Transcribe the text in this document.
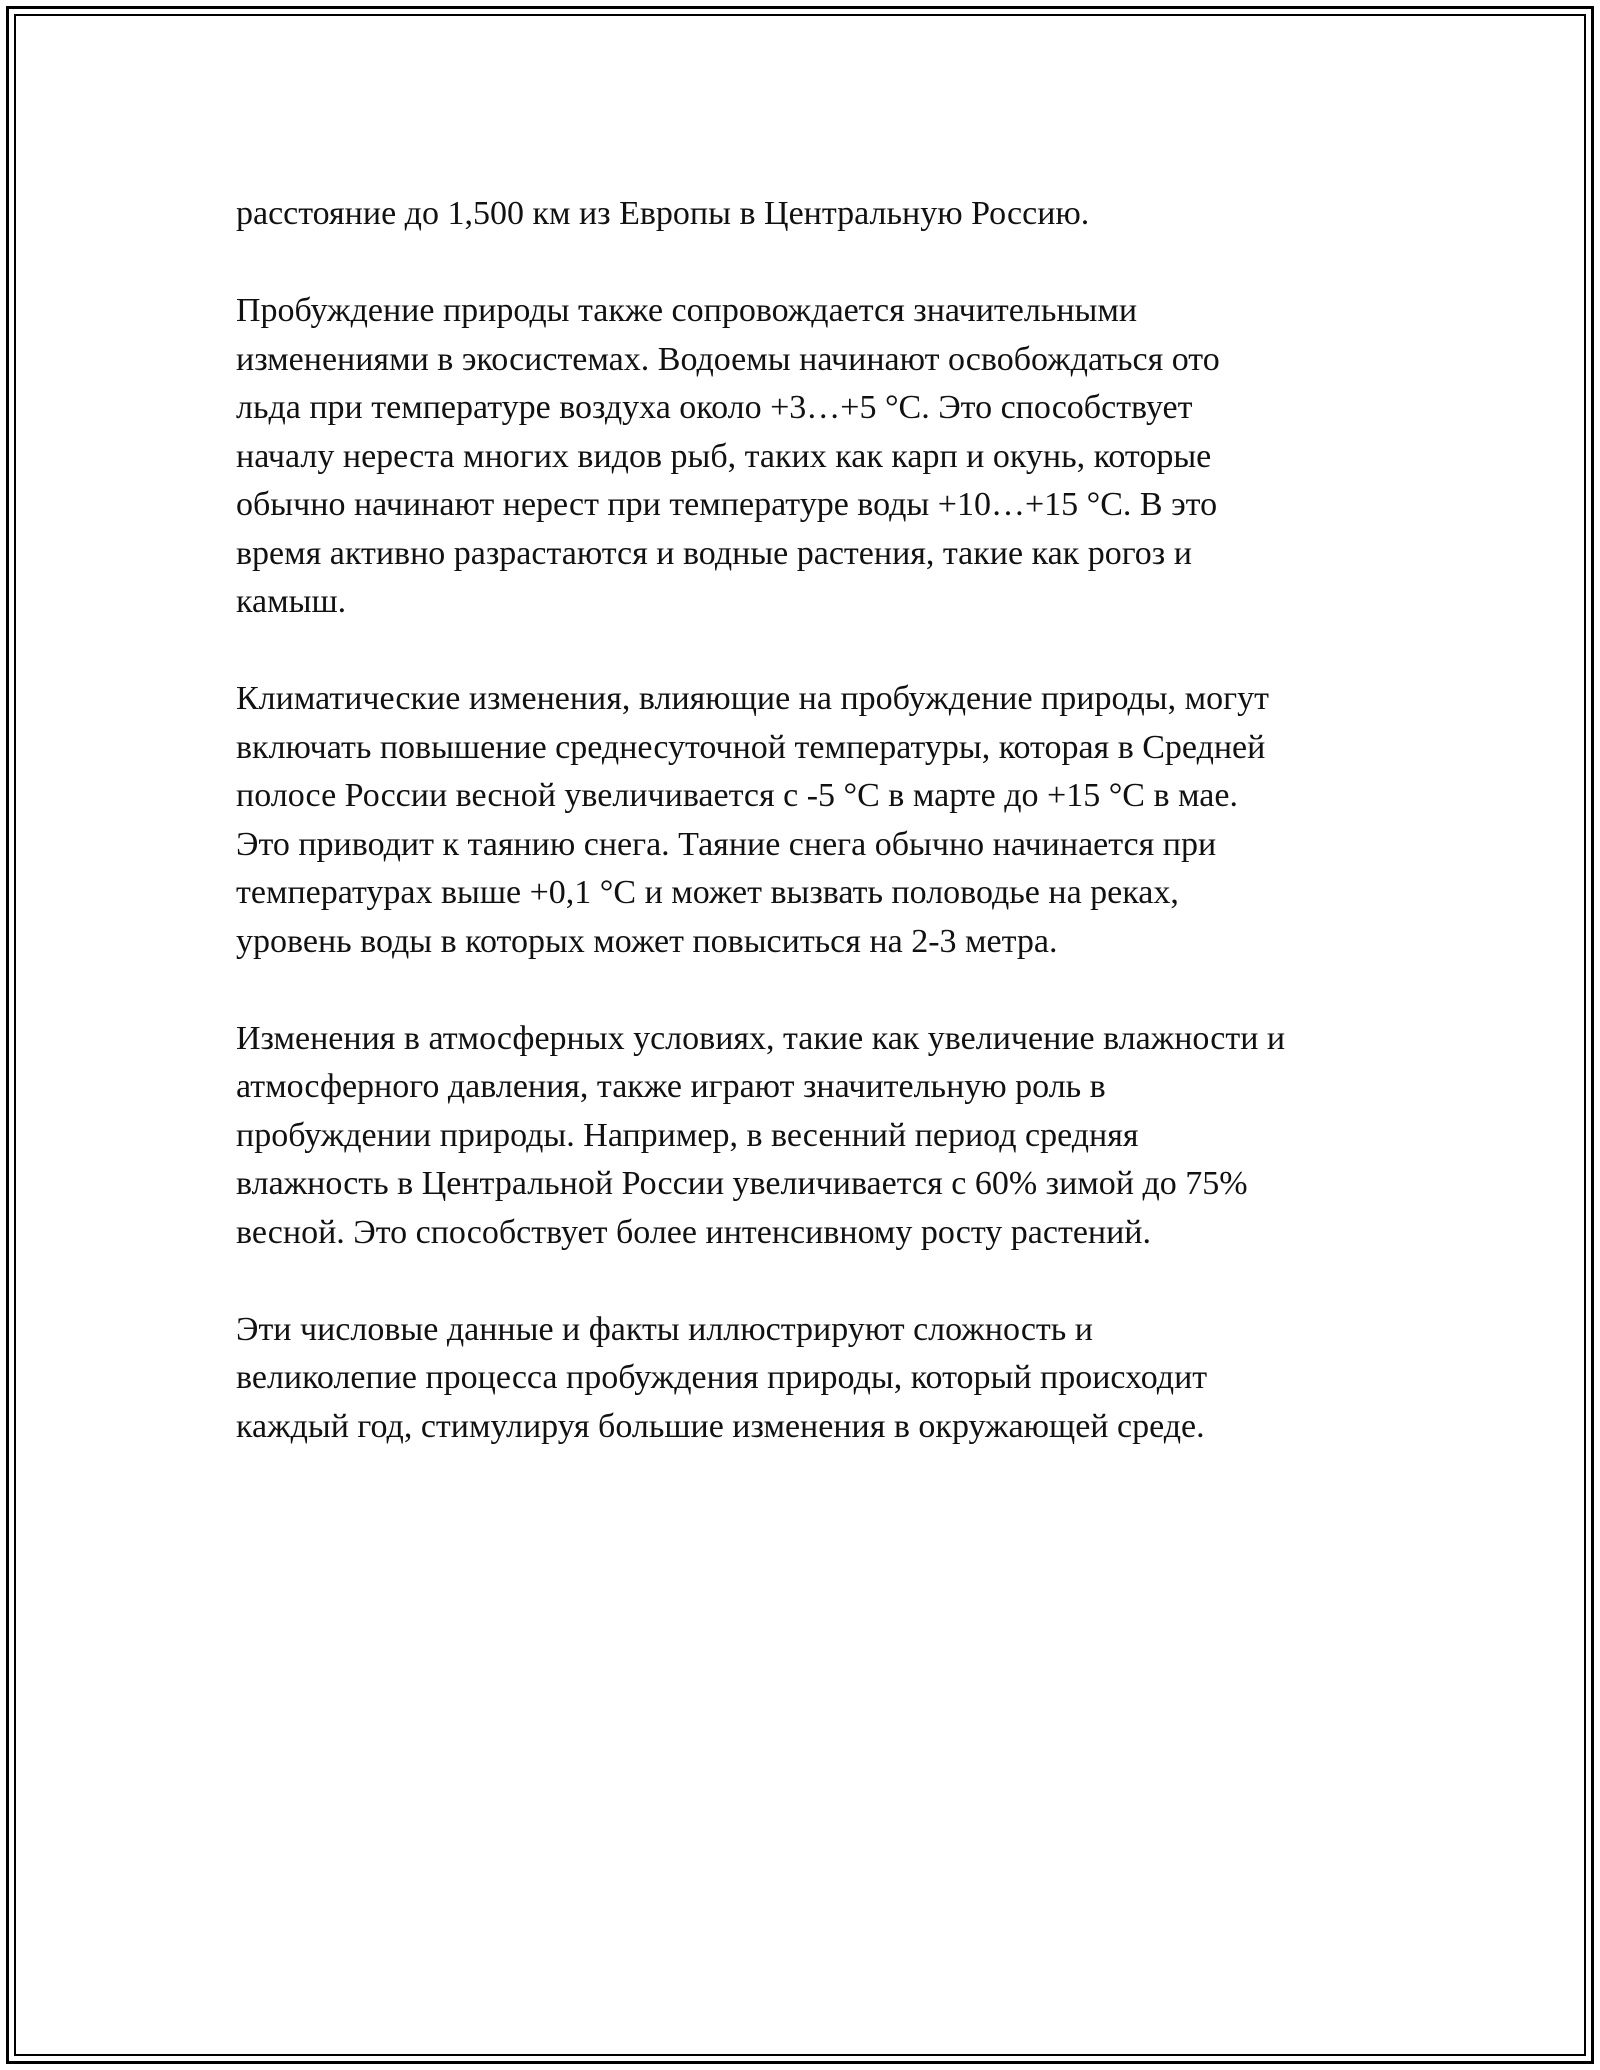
расстояние до 1,500 км из Европы в Центральную Россию.
Пробуждение природы также сопровождается значительными
изменениями в экосистемах. Водоемы начинают освобождаться ото
льда при температуре воздуха около +3…+5 °С. Это способствует
началу нереста многих видов рыб, таких как карп и окунь, которые
обычно начинают нерест при температуре воды +10…+15 °С. В это
время активно разрастаются и водные растения, такие как рогоз и
камыш.
Климатические изменения, влияющие на пробуждение природы, могут
включать повышение среднесуточной температуры, которая в Средней
полосе России весной увеличивается с -5 °С в марте до +15 °С в мае.
Это приводит к таянию снега. Таяние снега обычно начинается при
температурах выше +0,1 °С и может вызвать половодье на реках,
уровень воды в которых может повыситься на 2-3 метра.
Изменения в атмосферных условиях, такие как увеличение влажности и
атмосферного давления, также играют значительную роль в
пробуждении природы. Например, в весенний период средняя
влажность в Центральной России увеличивается с 60% зимой до 75%
весной. Это способствует более интенсивному росту растений.
Эти числовые данные и факты иллюстрируют сложность и
великолепие процесса пробуждения природы, который происходит
каждый год, стимулируя большие изменения в окружающей среде.
